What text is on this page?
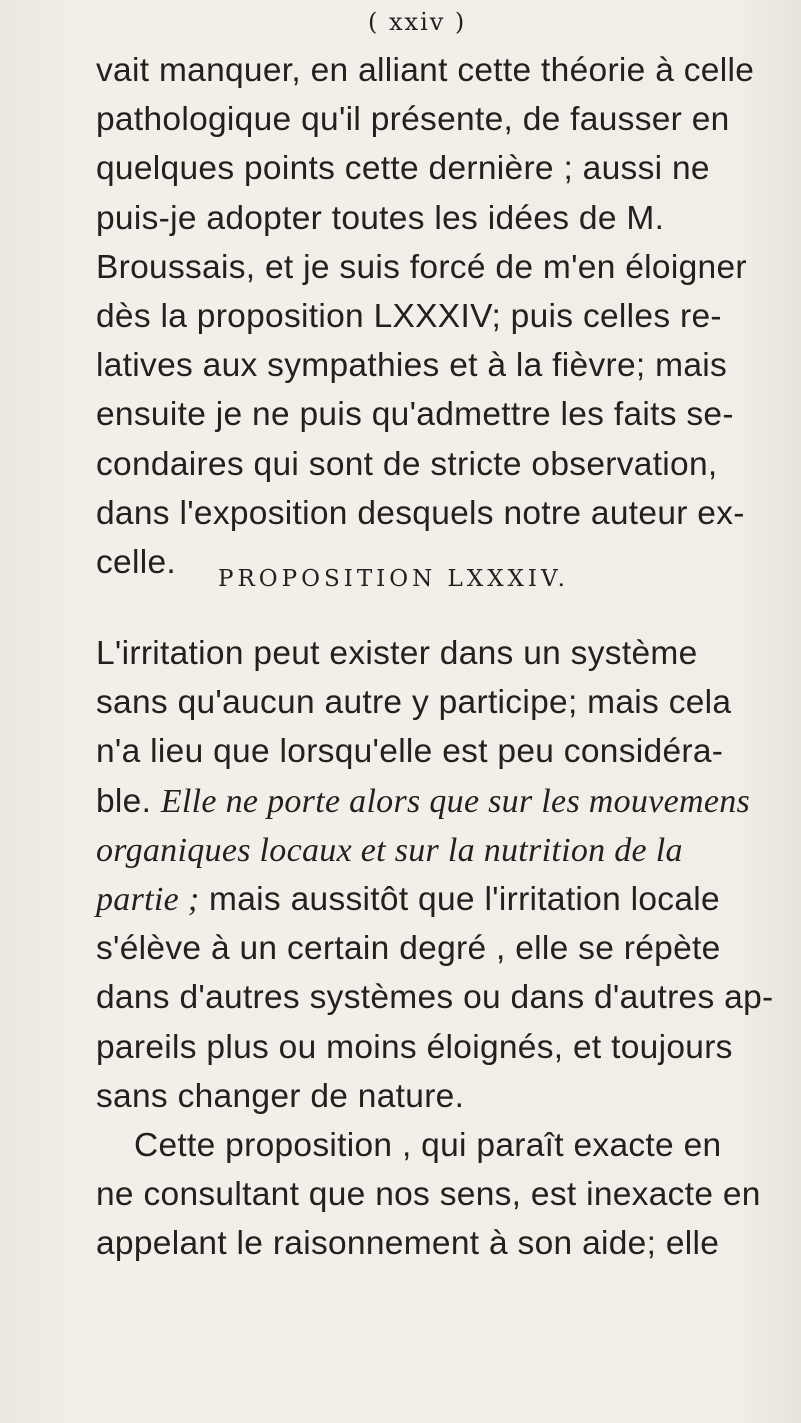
( xxiv )
vait manquer, en alliant cette théorie à celle
pathologique qu'il présente, de fausser en
quelques points cette dernière ; aussi ne
puis-je adopter toutes les idées de M.
Broussais, et je suis forcé de m'en éloigner
dès la proposition LXXXIV; puis celles re-
latives aux sympathies et à la fièvre; mais
ensuite je ne puis qu'admettre les faits se-
condaires qui sont de stricte observation,
dans l'exposition desquels notre auteur ex-
celle.	PROPOSITION LXXXIV.
L'irritation peut exister dans un système
sans qu'aucun autre y participe; mais cela
n'a lieu que lorsqu'elle est peu considéra-
ble. Elle ne porte alors que sur les mouvemens
organiques locaux et sur la nutrition de la
partie ; mais aussitôt que l'irritation locale
s'élève à un certain degré , elle se répète
dans d'autres systèmes ou dans d'autres ap-
pareils plus ou moins éloignés, et toujours
sans changer de nature.
Cette proposition , qui paraît exacte en
ne consultant que nos sens, est inexacte en
appelant le raisonnement à son aide; elle
